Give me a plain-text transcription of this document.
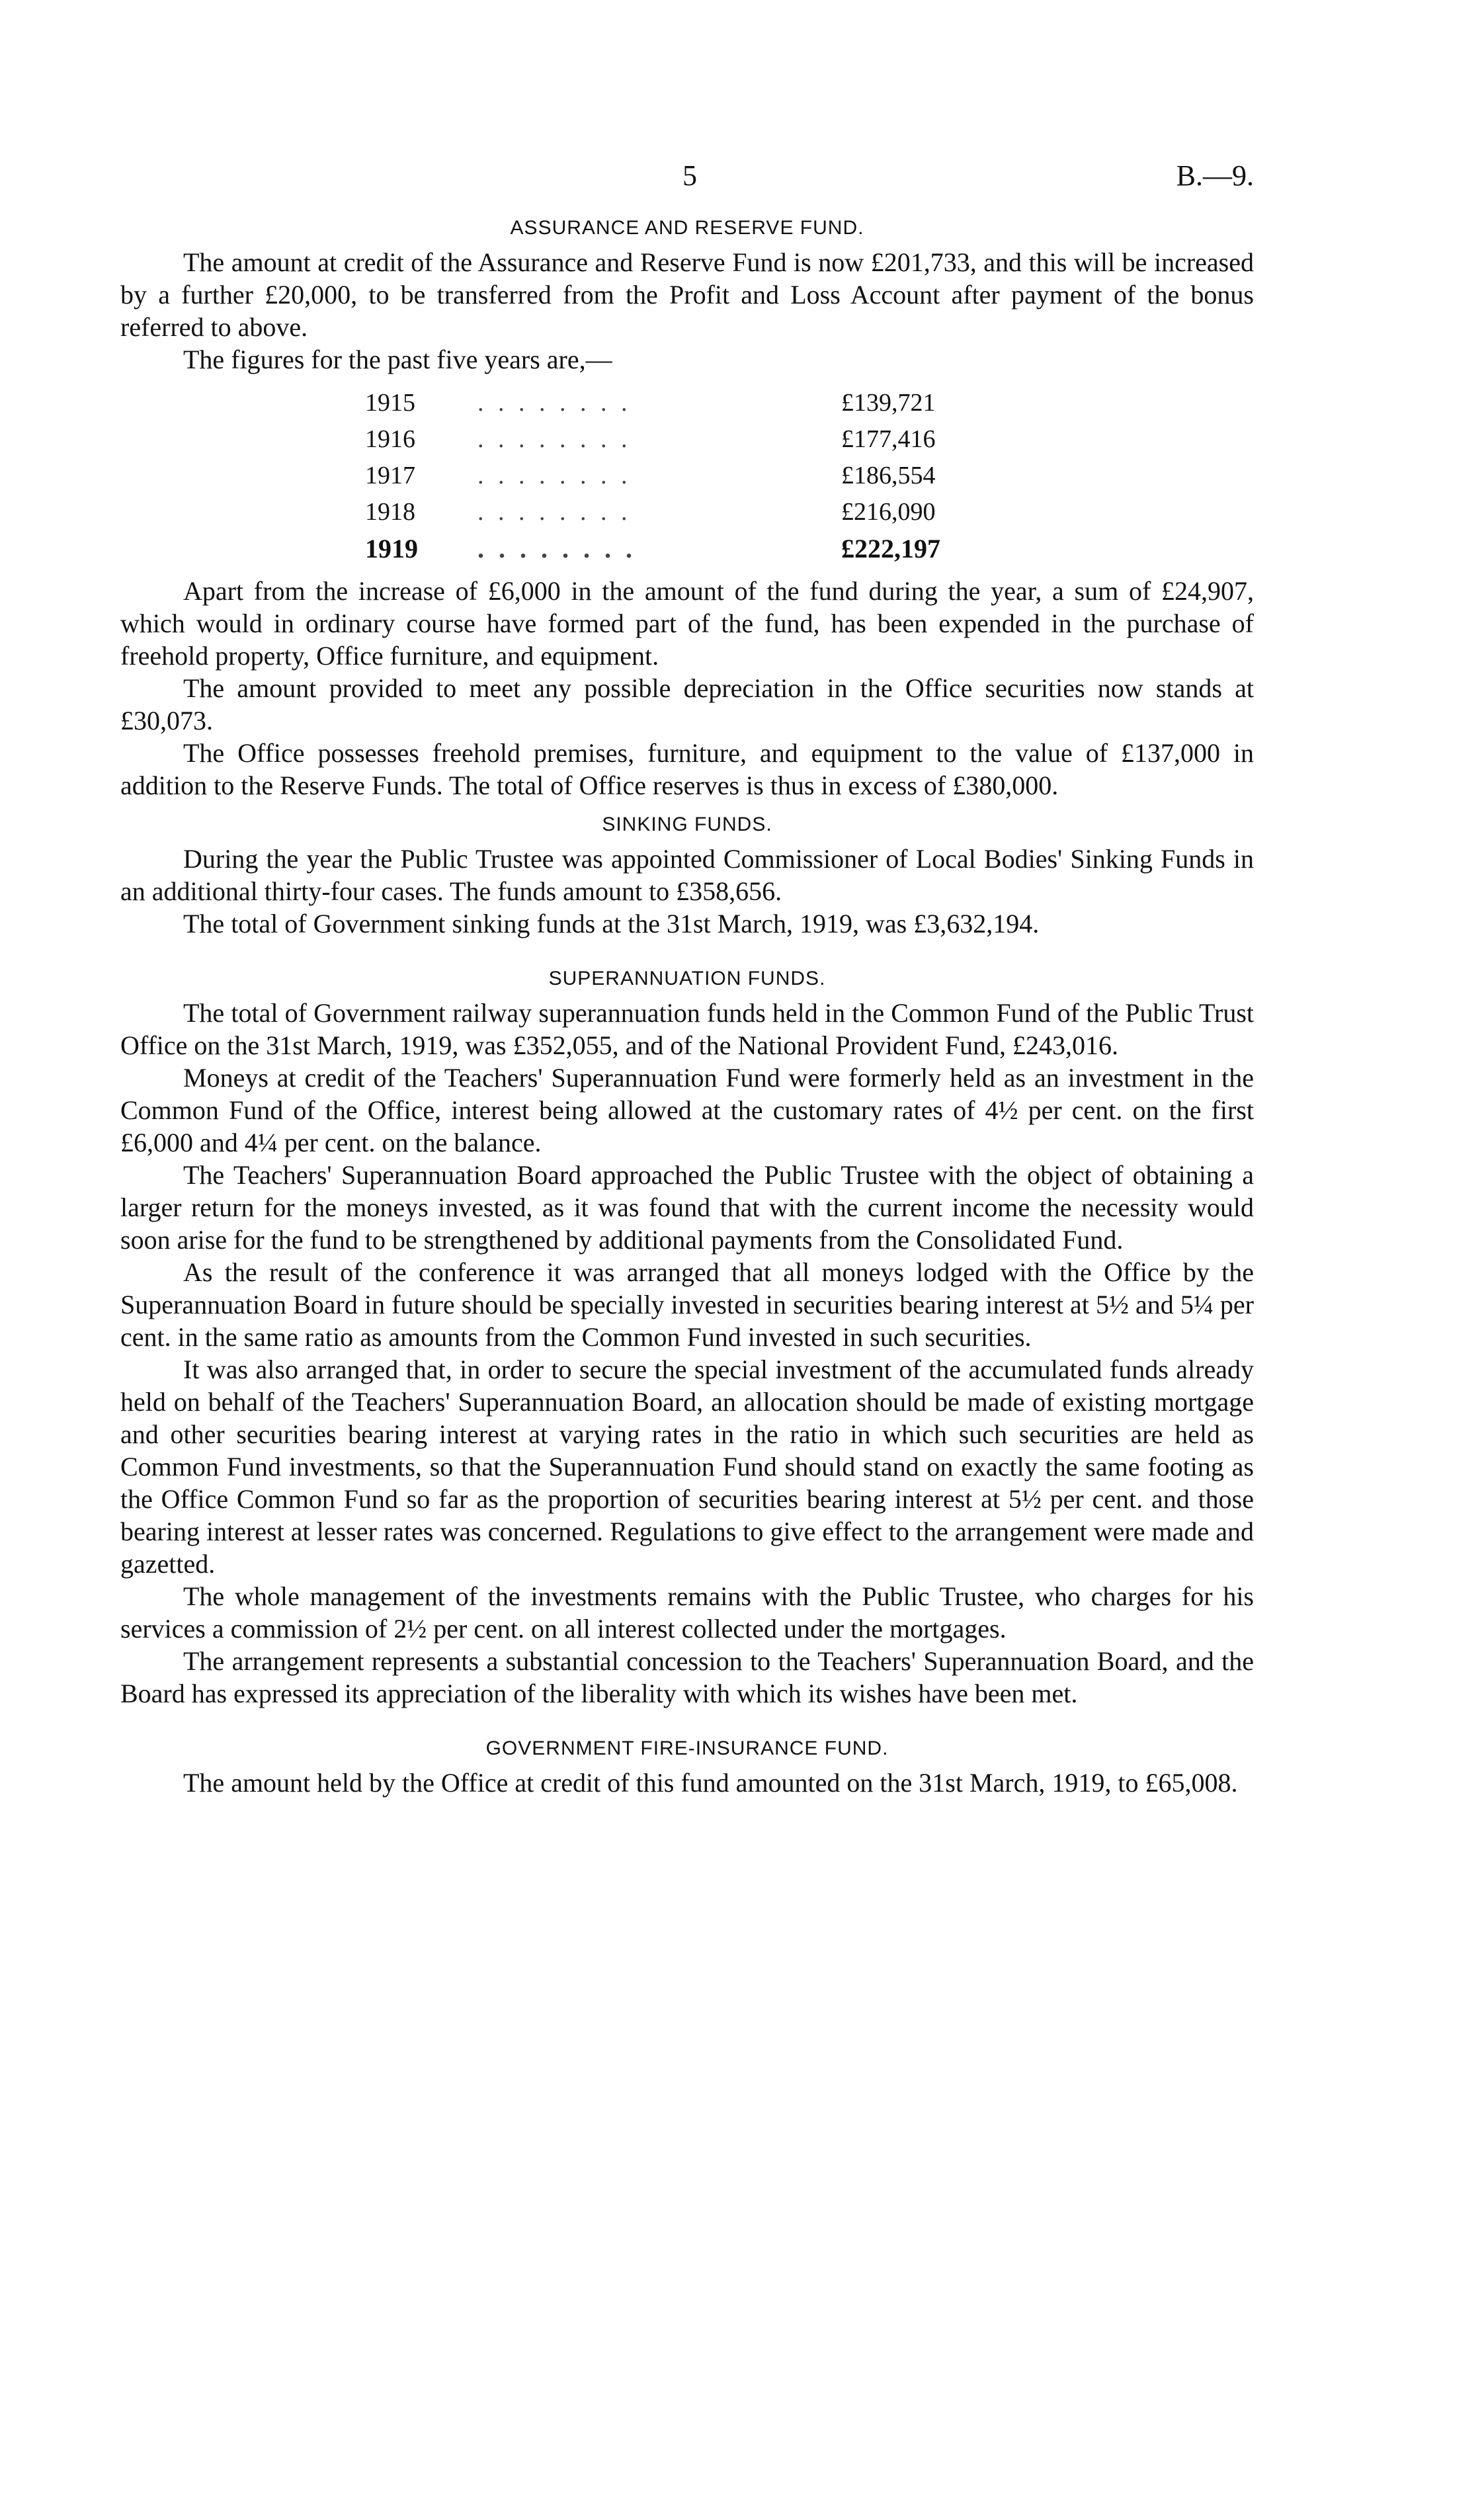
5	B.—9.
ASSURANCE AND RESERVE FUND.

The amount at credit of the Assurance and Reserve Fund is now £201,733, and this will be increased by a further £20,000, to be transferred from the Profit and Loss Account after payment of the bonus referred to above.

The figures for the past five years are,—

1915	. . . . . . . .	£139,721
1916	. . . . . . . .	£177,416
1917	. . . . . . . .	£186,554
1918	. . . . . . . .	£216,090
1919	. . . . . . . .	£222,197

Apart from the increase of £6,000 in the amount of the fund during the year, a sum of £24,907, which would in ordinary course have formed part of the fund, has been expended in the purchase of freehold property, Office furniture, and equipment.

The amount provided to meet any possible depreciation in the Office securities now stands at £30,073.

The Office possesses freehold premises, furniture, and equipment to the value of £137,000 in addition to the Reserve Funds. The total of Office reserves is thus in excess of £380,000.

SINKING FUNDS.

During the year the Public Trustee was appointed Commissioner of Local Bodies' Sinking Funds in an additional thirty-four cases. The funds amount to £358,656.

The total of Government sinking funds at the 31st March, 1919, was £3,632,194.

SUPERANNUATION FUNDS.

The total of Government railway superannuation funds held in the Common Fund of the Public Trust Office on the 31st March, 1919, was £352,055, and of the National Provident Fund, £243,016.

Moneys at credit of the Teachers' Superannuation Fund were formerly held as an investment in the Common Fund of the Office, interest being allowed at the customary rates of 4½ per cent. on the first £6,000 and 4¼ per cent. on the balance.

The Teachers' Superannuation Board approached the Public Trustee with the object of obtaining a larger return for the moneys invested, as it was found that with the current income the necessity would soon arise for the fund to be strengthened by additional payments from the Consolidated Fund.

As the result of the conference it was arranged that all moneys lodged with the Office by the Superannuation Board in future should be specially invested in securities bearing interest at 5½ and 5¼ per cent. in the same ratio as amounts from the Common Fund invested in such securities.

It was also arranged that, in order to secure the special investment of the accumulated funds already held on behalf of the Teachers' Superannuation Board, an allocation should be made of existing mortgage and other securities bearing interest at varying rates in the ratio in which such securities are held as Common Fund investments, so that the Superannuation Fund should stand on exactly the same footing as the Office Common Fund so far as the proportion of securities bearing interest at 5½ per cent. and those bearing interest at lesser rates was concerned. Regulations to give effect to the arrangement were made and gazetted.

The whole management of the investments remains with the Public Trustee, who charges for his services a commission of 2½ per cent. on all interest collected under the mortgages.

The arrangement represents a substantial concession to the Teachers' Superannuation Board, and the Board has expressed its appreciation of the liberality with which its wishes have been met.

GOVERNMENT FIRE-INSURANCE FUND.

The amount held by the Office at credit of this fund amounted on the 31st March, 1919, to £65,008.
